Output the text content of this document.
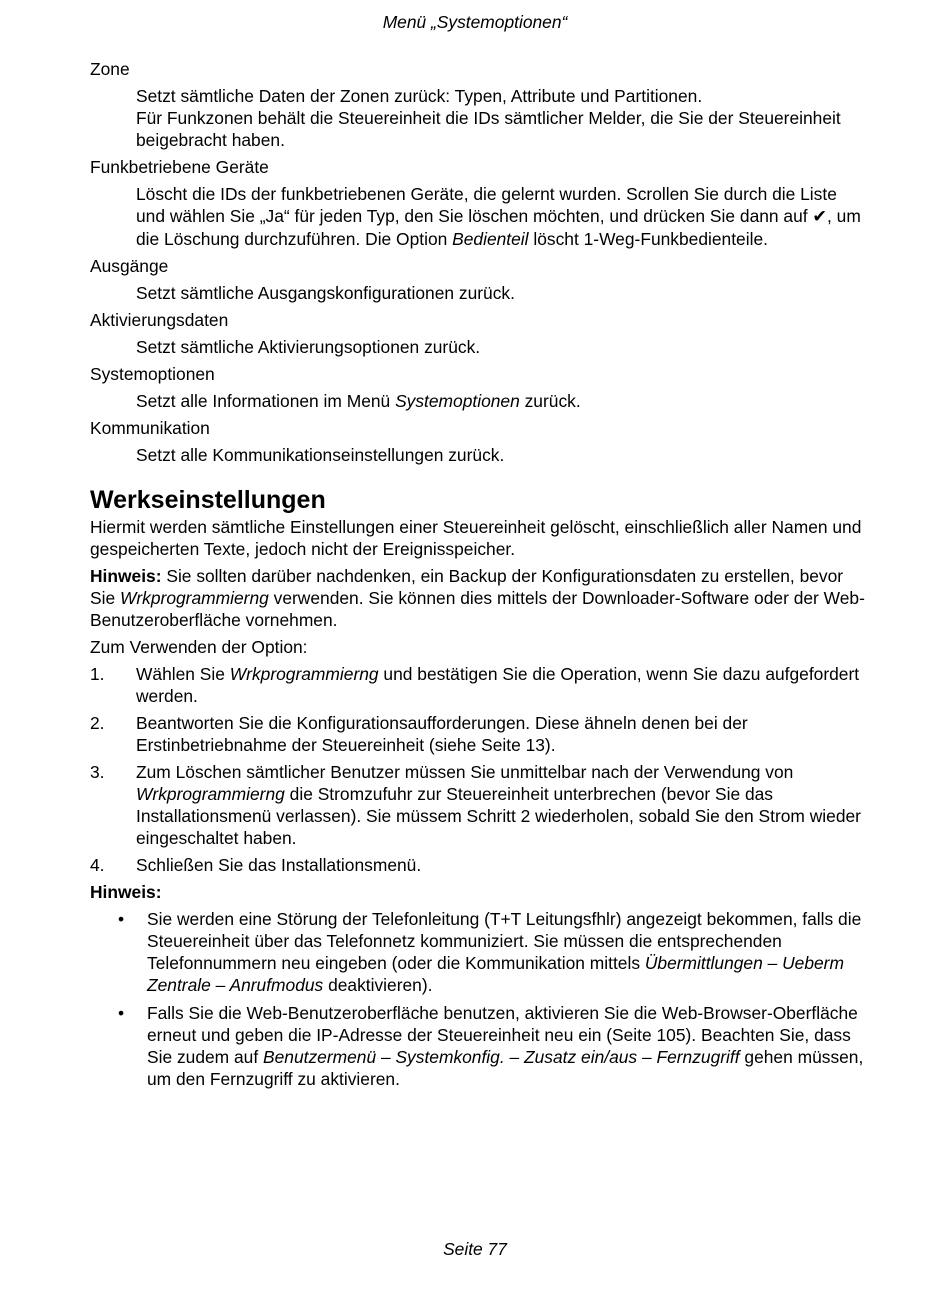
Menü „Systemoptionen“

Zone

Setzt sämtliche Daten der Zonen zurück: Typen, Attribute und Partitionen.
Für Funkzonen behält die Steuereinheit die IDs sämtlicher Melder, die Sie der Steuereinheit beigebracht haben.

Funkbetriebene Geräte

Löscht die IDs der funkbetriebenen Geräte, die gelernt wurden. Scrollen Sie durch die Liste und wählen Sie „Ja“ für jeden Typ, den Sie löschen möchten, und drücken Sie dann auf ✔, um die Löschung durchzuführen. Die Option Bedienteil löscht 1-Weg-Funkbedienteile.

Ausgänge

Setzt sämtliche Ausgangskonfigurationen zurück.

Aktivierungsdaten

Setzt sämtliche Aktivierungsoptionen zurück.

Systemoptionen

Setzt alle Informationen im Menü Systemoptionen zurück.

Kommunikation

Setzt alle Kommunikationseinstellungen zurück.
Werkseinstellungen

Hiermit werden sämtliche Einstellungen einer Steuereinheit gelöscht, einschließlich aller Namen und gespeicherten Texte, jedoch nicht der Ereignisspeicher.

Hinweis: Sie sollten darüber nachdenken, ein Backup der Konfigurationsdaten zu erstellen, bevor Sie Wrkprogrammierng verwenden. Sie können dies mittels der Downloader-Software oder der Web-Benutzeroberfläche vornehmen.

Zum Verwenden der Option:

1.	Wählen Sie Wrkprogrammierng und bestätigen Sie die Operation, wenn Sie dazu aufgefordert werden.
2.	Beantworten Sie die Konfigurationsaufforderungen. Diese ähneln denen bei der Erstinbetriebnahme der Steuereinheit (siehe Seite 13).
3.	Zum Löschen sämtlicher Benutzer müssen Sie unmittelbar nach der Verwendung von Wrkprogrammierng die Stromzufuhr zur Steuereinheit unterbrechen (bevor Sie das Installationsmenü verlassen). Sie müssem Schritt 2 wiederholen, sobald Sie den Strom wieder eingeschaltet haben.
4.	Schließen Sie das Installationsmenü.

Hinweis:

•	Sie werden eine Störung der Telefonleitung (T+T Leitungsfhlr) angezeigt bekommen, falls die Steuereinheit über das Telefonnetz kommuniziert. Sie müssen die entsprechenden Telefonnummern neu eingeben (oder die Kommunikation mittels Übermittlungen – Ueberm Zentrale – Anrufmodus deaktivieren).
•	Falls Sie die Web-Benutzeroberfläche benutzen, aktivieren Sie die Web-Browser-Oberfläche erneut und geben die IP-Adresse der Steuereinheit neu ein (Seite 105). Beachten Sie, dass Sie zudem auf Benutzermenü – Systemkonfig. – Zusatz ein/aus – Fernzugriff gehen müssen, um den Fernzugriff zu aktivieren.
Seite 77
